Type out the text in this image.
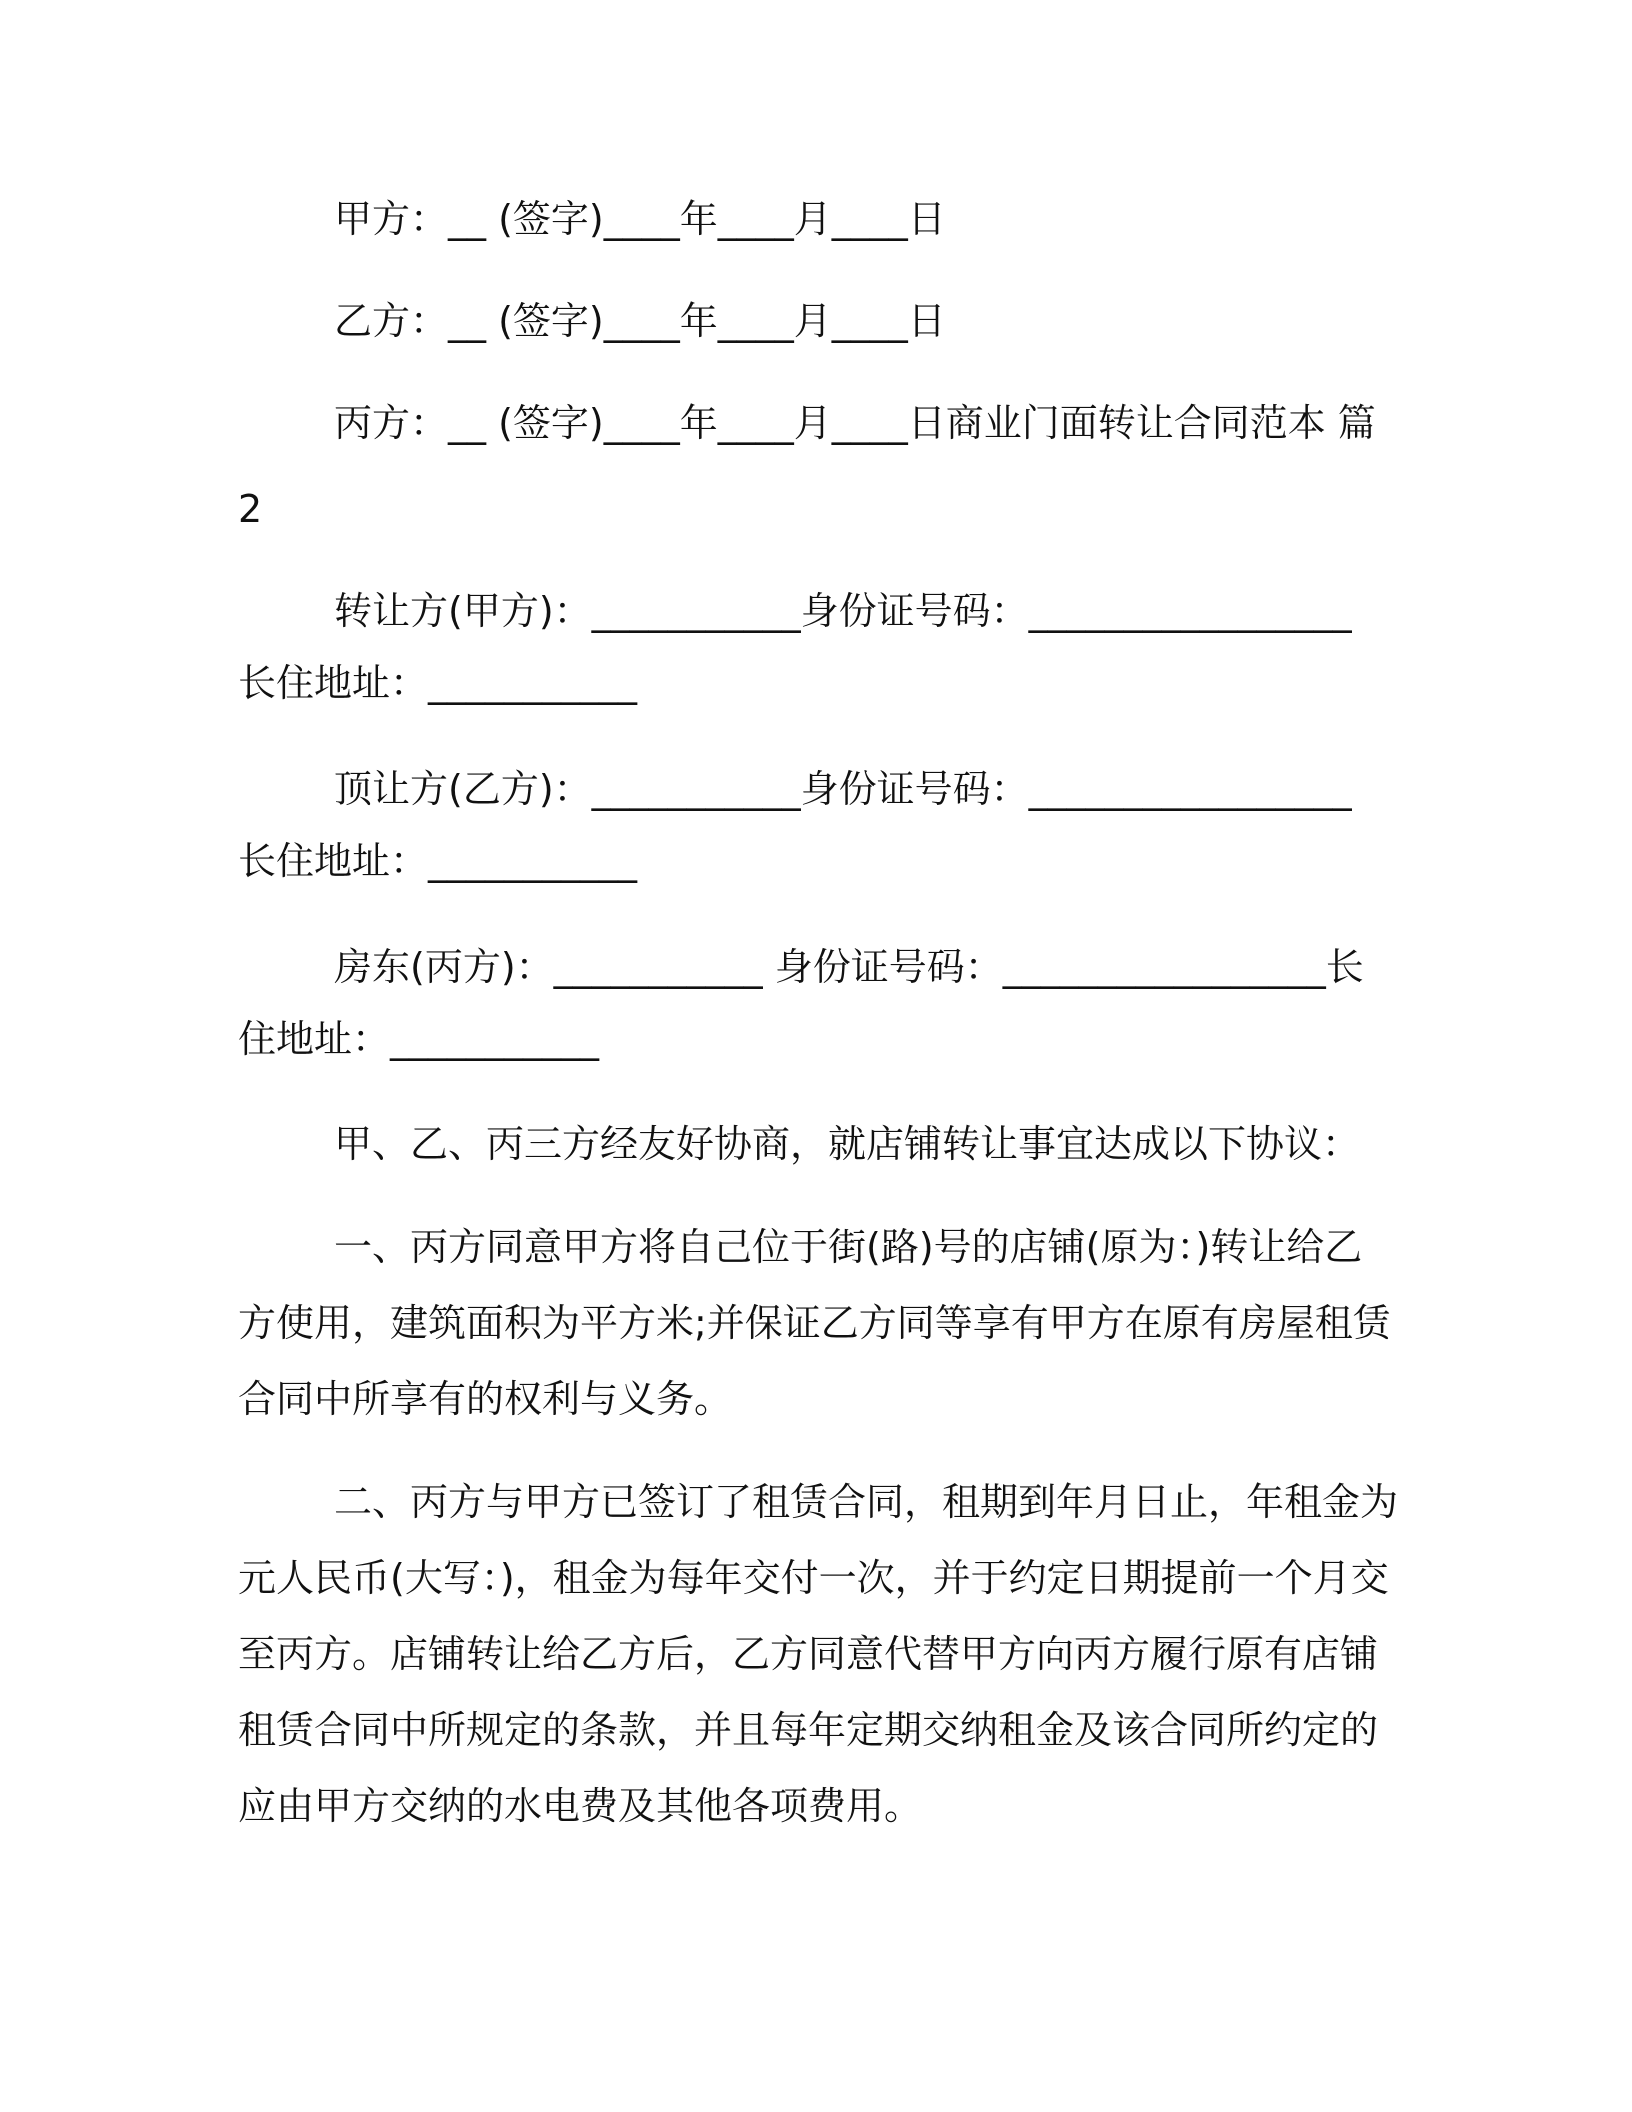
甲方：__ (签字)____年____月____日
乙方：__ (签字)____年____月____日
丙方：__ (签字)____年____月____日商业门面转让合同范本 篇
2
转让方(甲方)：___________身份证号码：_________________
长住地址：___________
顶让方(乙方)：___________身份证号码：_________________
长住地址：___________
房东(丙方)：___________ 身份证号码：_________________长
住地址：___________
甲、乙、丙三方经友好协商，就店铺转让事宜达成以下协议：
一、丙方同意甲方将自己位于街(路)号的店铺(原为：)转让给乙
方使用，建筑面积为平方米;并保证乙方同等享有甲方在原有房屋租赁
合同中所享有的权利与义务。
二、丙方与甲方已签订了租赁合同，租期到年月日止，年租金为
元人民币(大写：)，租金为每年交付一次，并于约定日期提前一个月交
至丙方。店铺转让给乙方后，乙方同意代替甲方向丙方履行原有店铺
租赁合同中所规定的条款，并且每年定期交纳租金及该合同所约定的
应由甲方交纳的水电费及其他各项费用。
